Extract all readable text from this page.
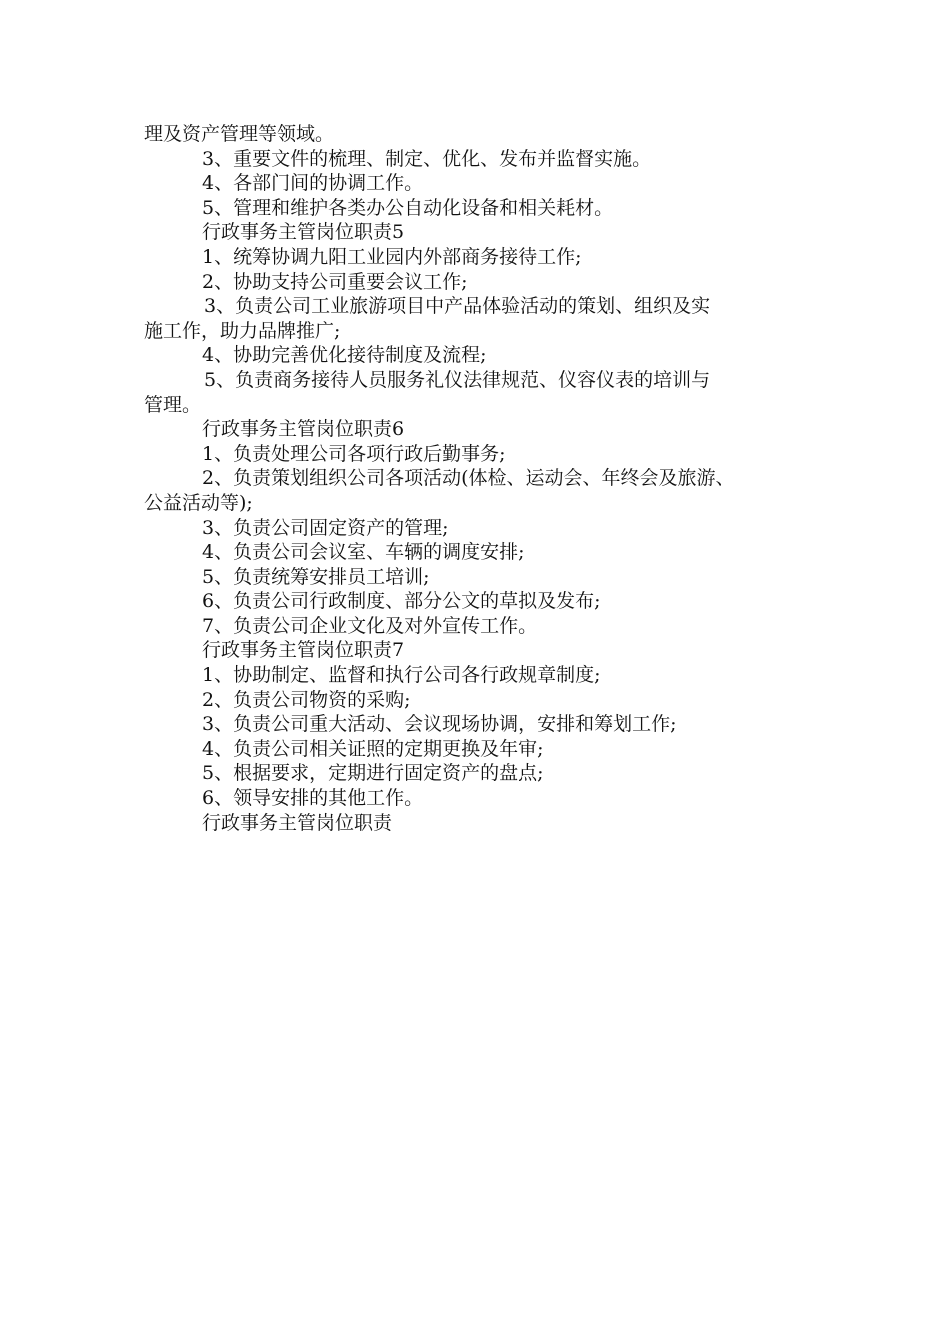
理及资产管理等领域。
3、重要文件的梳理、制定、优化、发布并监督实施。
4、各部门间的协调工作。
5、管理和维护各类办公自动化设备和相关耗材。
行政事务主管岗位职责5
1、统筹协调九阳工业园内外部商务接待工作;
2、协助支持公司重要会议工作;
3、负责公司工业旅游项目中产品体验活动的策划、组织及实
施工作，助力品牌推广;
4、协助完善优化接待制度及流程;
5、负责商务接待人员服务礼仪法律规范、仪容仪表的培训与
管理。
行政事务主管岗位职责6
1、负责处理公司各项行政后勤事务;
2、负责策划组织公司各项活动(体检、运动会、年终会及旅游、
公益活动等);
3、负责公司固定资产的管理;
4、负责公司会议室、车辆的调度安排;
5、负责统筹安排员工培训;
6、负责公司行政制度、部分公文的草拟及发布;
7、负责公司企业文化及对外宣传工作。
行政事务主管岗位职责7
1、协助制定、监督和执行公司各行政规章制度;
2、负责公司物资的采购;
3、负责公司重大活动、会议现场协调，安排和筹划工作;
4、负责公司相关证照的定期更换及年审;
5、根据要求，定期进行固定资产的盘点;
6、领导安排的其他工作。
行政事务主管岗位职责
